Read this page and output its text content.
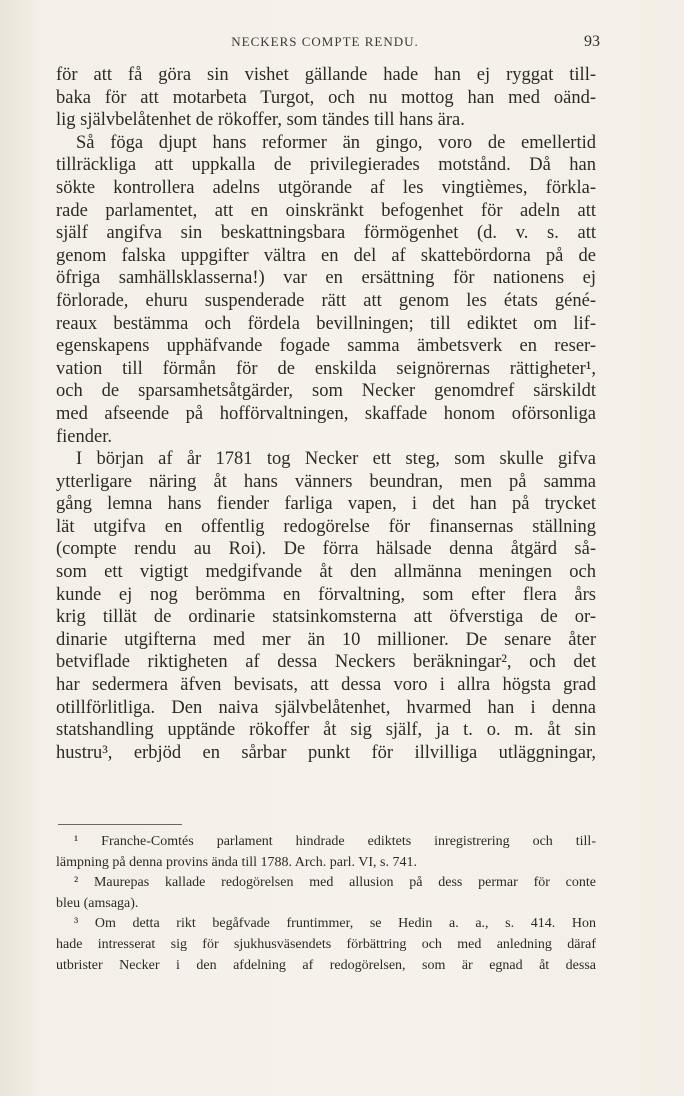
NECKERS COMPTE RENDU.	93
för att få göra sin vishet gällande hade han ej ryggat till-
baka för att motarbeta Turgot, och nu mottog han med oänd-
lig självbelåtenhet de rökoffer, som tändes till hans ära.
Så föga djupt hans reformer än gingo, voro de emellertid
tillräckliga att uppkalla de privilegierades motstånd. Då han
sökte kontrollera adelns utgörande af les vingtièmes, förkla-
rade parlamentet, att en oinskränkt befogenhet för adeln att
själf angifva sin beskattningsbara förmögenhet (d. v. s. att
genom falska uppgifter vältra en del af skattebördorna på de
öfriga samhällsklasserna!) var en ersättning för nationens ej
förlorade, ehuru suspenderade rätt att genom les états géné-
reaux bestämma och fördela bevillningen; till ediktet om lif-
egenskapens upphäfvande fogade samma ämbetsverk en reser-
vation till förmån för de enskilda seignörernas rättigheter¹,
och de sparsamhetsåtgärder, som Necker genomdref särskildt
med afseende på hofförvaltningen, skaffade honom oförsonliga
fiender.
I början af år 1781 tog Necker ett steg, som skulle gifva
ytterligare näring åt hans vänners beundran, men på samma
gång lemna hans fiender farliga vapen, i det han på trycket
lät utgifva en offentlig redogörelse för finansernas ställning
(compte rendu au Roi). De förra hälsade denna åtgärd så-
som ett vigtigt medgifvande åt den allmänna meningen och
kunde ej nog berömma en förvaltning, som efter flera års
krig tillät de ordinarie statsinkomsterna att öfverstiga de or-
dinarie utgifterna med mer än 10 millioner. De senare åter
betviflade riktigheten af dessa Neckers beräkningar², och det
har sedermera äfven bevisats, att dessa voro i allra högsta grad
otillförlitliga. Den naiva självbelåtenhet, hvarmed han i denna
statshandling upptände rökoffer åt sig själf, ja t. o. m. åt sin
hustru³, erbjöd en sårbar punkt för illvilliga utläggningar,
¹ Franche-Comtés parlament hindrade ediktets inregistrering och till-
lämpning på denna provins ända till 1788. Arch. parl. VI, s. 741.
² Maurepas kallade redogörelsen med allusion på dess permar för conte
bleu (amsaga).
³ Om detta rikt begåfvade fruntimmer, se Hedin a. a., s. 414. Hon
hade intresserat sig för sjukhusväsendets förbättring och med anledning däraf
utbrister Necker i den afdelning af redogörelsen, som är egnad åt dessa
